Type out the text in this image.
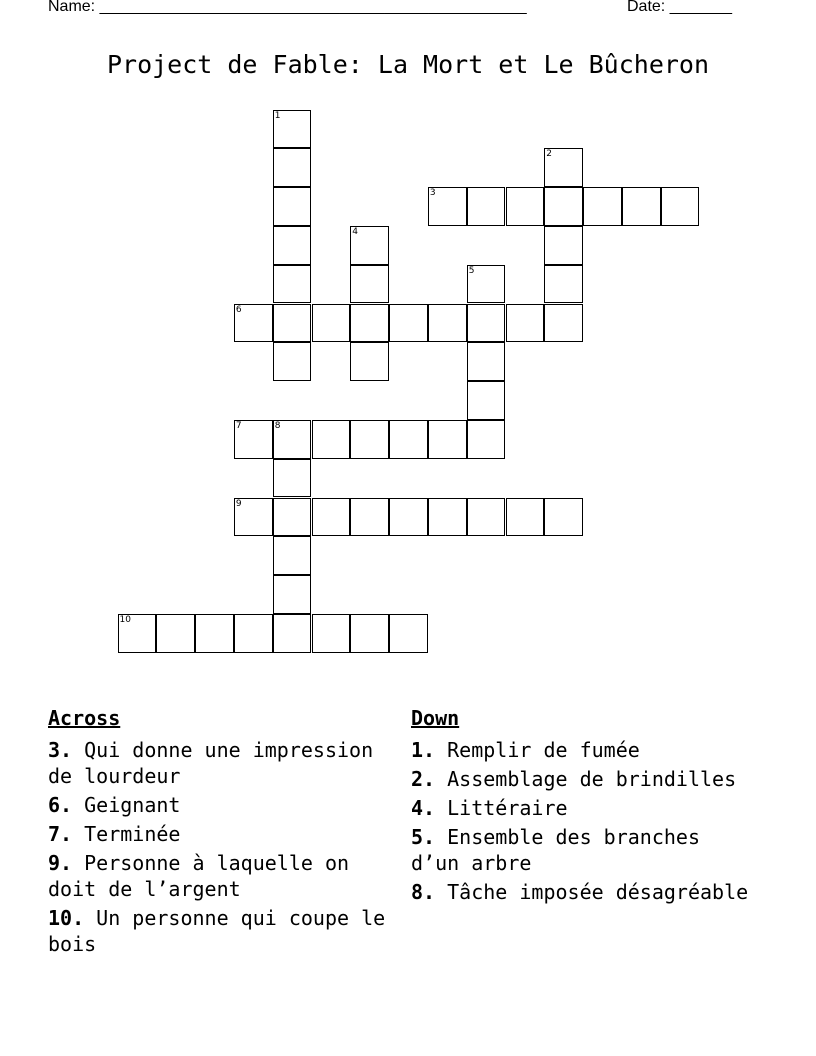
Name: ________________________________________________	Date: _______
Project de Fable: La Mort et Le Bûcheron
1
2
3
4
5
6
7	8
9
10
Across
3. Qui donne une impression de lourdeur
6. Geignant
7. Terminée
9. Personne à laquelle on doit de l’argent
10. Un personne qui coupe le bois
Down
1. Remplir de fumée
2. Assemblage de brindilles
4. Littéraire
5. Ensemble des branches d’un arbre
8. Tâche imposée désagréable
